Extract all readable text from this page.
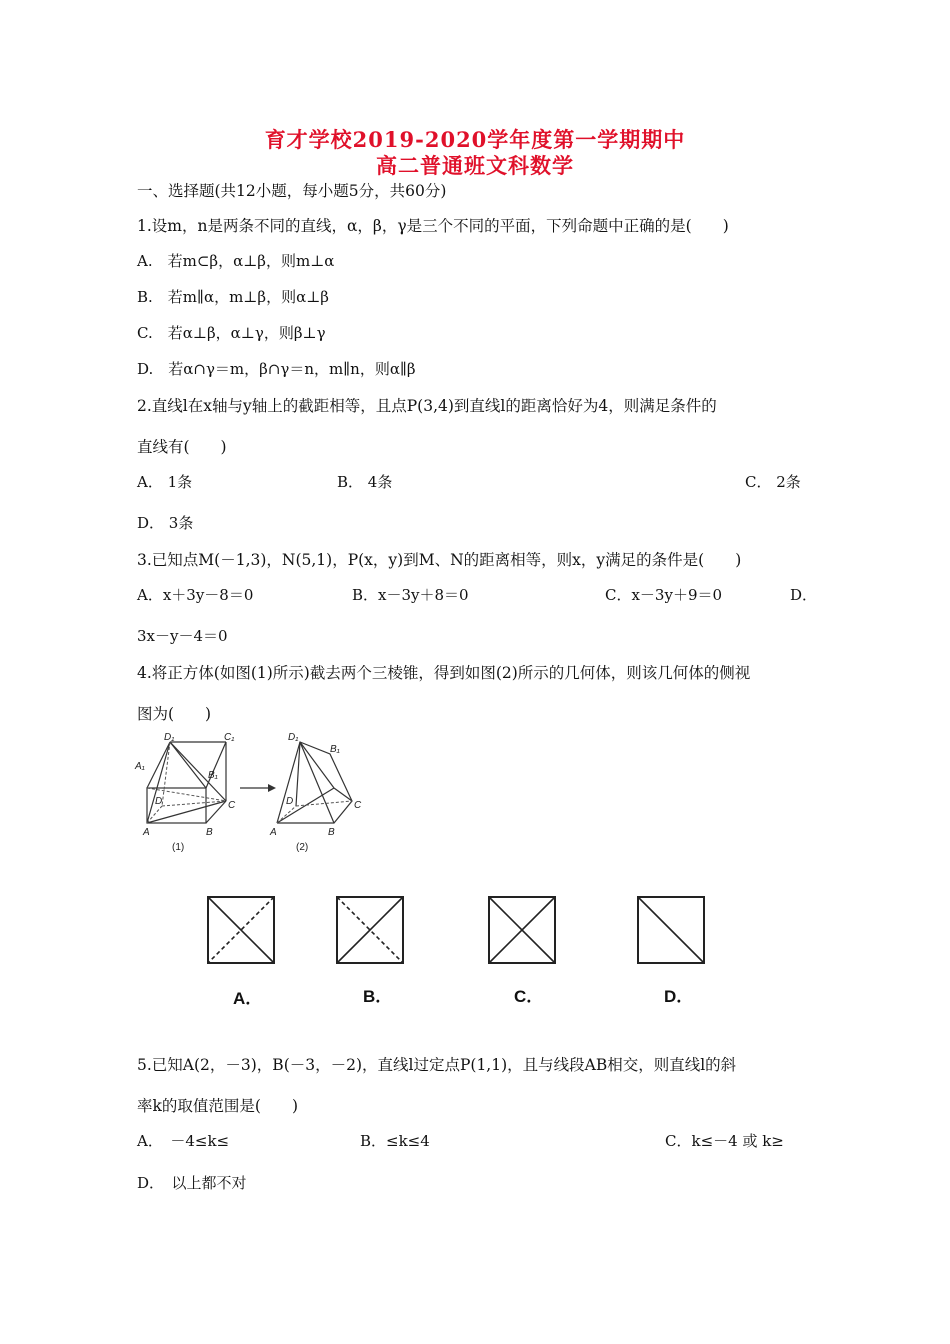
育才学校2019-2020学年度第一学期期中
高二普通班文科数学
一、选择题(共12小题，每小题5分，共60分)
1.设m，n是两条不同的直线，α，β，γ是三个不同的平面，下列命题中正确的是(　　)
A.　若m⊂β，α⊥β，则m⊥α
B.　若m∥α，m⊥β，则α⊥β
C.　若α⊥β，α⊥γ，则β⊥γ
D.　若α∩γ＝m，β∩γ＝n，m∥n，则α∥β
2.直线l在x轴与y轴上的截距相等，且点P(3,4)到直线l的距离恰好为4，则满足条件的
直线有(　　)
A． 1条	B． 4条	C． 2条
D． 3条
3.已知点M(－1,3)，N(5,1)，P(x，y)到M、N的距离相等，则x，y满足的条件是(　　)
A．x＋3y－8＝0	B．x－3y＋8＝0	C．x－3y＋9＝0	D．
3x－y－4＝0
4.将正方体(如图(1)所示)截去两个三棱锥，得到如图(2)所示的几何体，则该几何体的侧视
图为(　　)
D₁	C₁
A₁
B₁
D	C
A	B
(1)
D₁
B₁
D	C
A	B
(2)
A．	B．	C．	D．
5.已知A(2，－3)，B(－3，－2)，直线l过定点P(1,1)，且与线段AB相交，则直线l的斜
率k的取值范围是(　　)
A．　－4≤k≤	B．≤k≤4	C．k≤－4 或 k≥
D．　以上都不对
